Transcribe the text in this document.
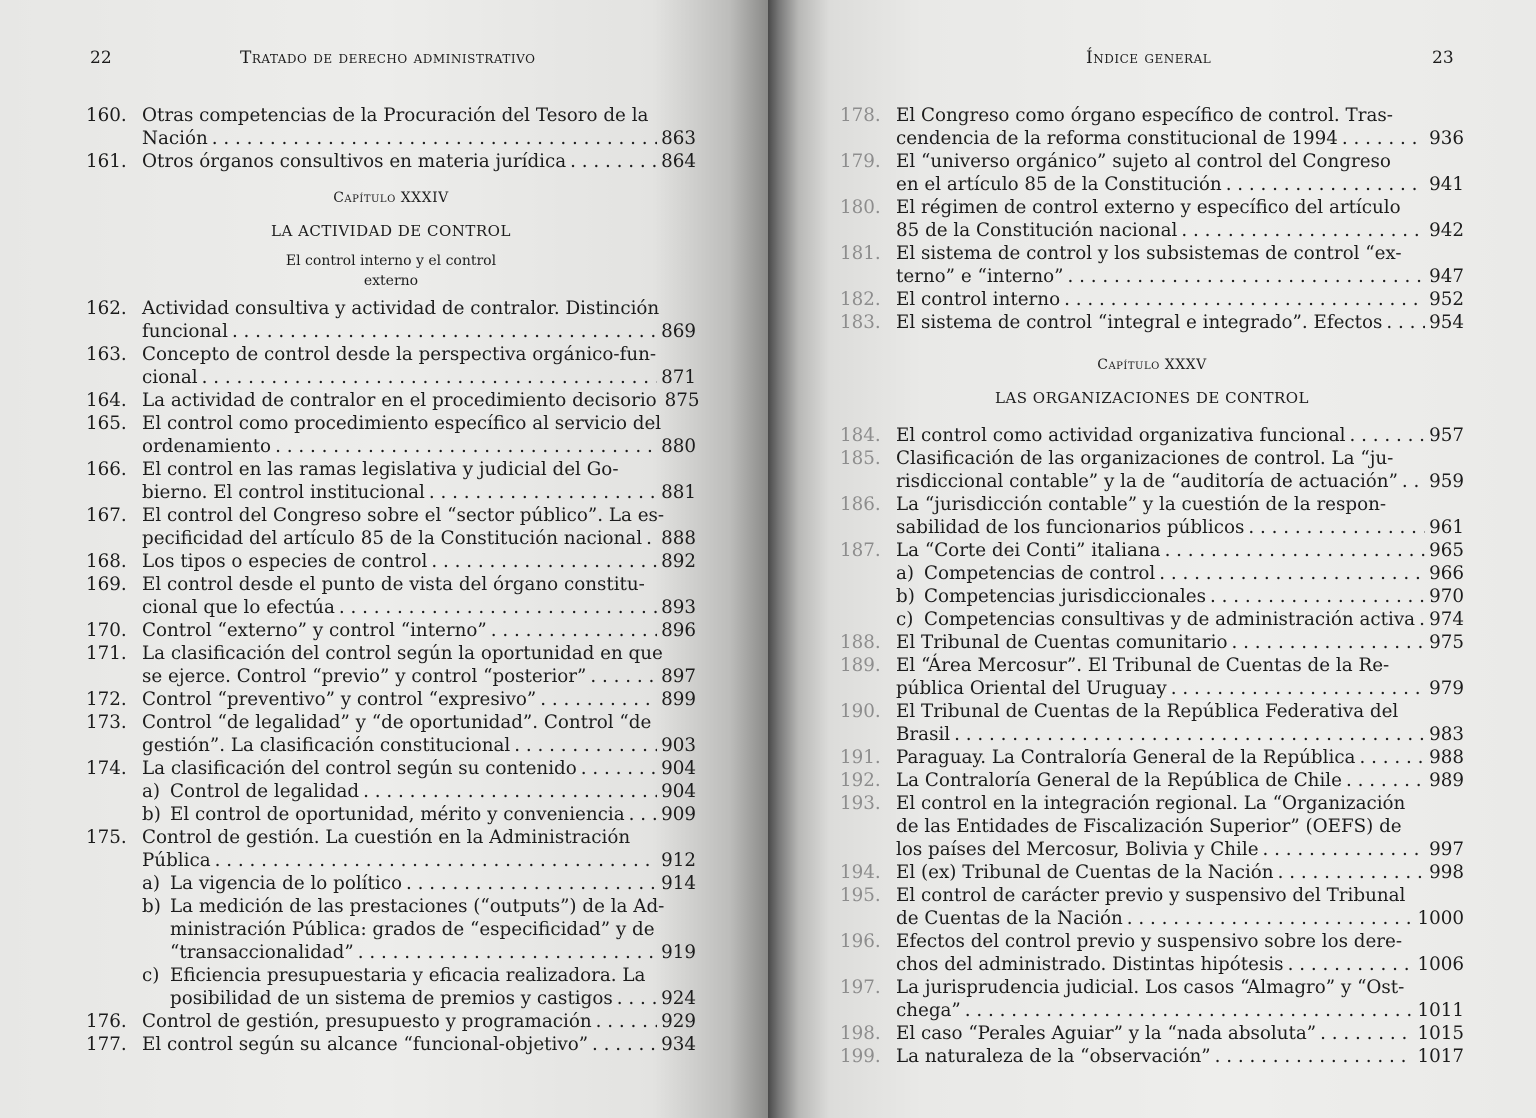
22	Tratado de derecho administrativo
160. Otras competencias de la Procuración del Tesoro de la
Nación . . .	863
161. Otros órganos consultivos en materia jurídica . . .	864
Capítulo XXXIV
LA ACTIVIDAD DE CONTROL
El control interno y el control
externo
162. Actividad consultiva y actividad de contralor. Distinción
funcional . . .	869
163. Concepto de control desde la perspectiva orgánico-fun-
cional . . .	871
164. La actividad de contralor en el procedimiento decisorio 875
165. El control como procedimiento específico al servicio del
ordenamiento . . .	880
166. El control en las ramas legislativa y judicial del Go-
bierno. El control institucional . . .	881
167. El control del Congreso sobre el “sector público”. La es-
pecificidad del artículo 85 de la Constitución nacional . . . 888
168. Los tipos o especies de control . . .	892
169. El control desde el punto de vista del órgano constitu-
cional que lo efectúa . . .	893
170. Control “externo” y control “interno” . . .	896
171. La clasificación del control según la oportunidad en que
se ejerce. Control “previo” y control “posterior” . . .	897
172. Control “preventivo” y control “expresivo” . . .	899
173. Control “de legalidad” y “de oportunidad”. Control “de
gestión”. La clasificación constitucional . . .	903
174. La clasificación del control según su contenido . . .	904
a) Control de legalidad . . .	904
b) El control de oportunidad, mérito y conveniencia . . . 909
175. Control de gestión. La cuestión en la Administración
Pública . . .	912
a) La vigencia de lo político . . .	914
b) La medición de las prestaciones (“outputs”) de la Ad-
ministración Pública: grados de “especificidad” y de
“transaccionalidad” . . .	919
c) Eficiencia presupuestaria y eficacia realizadora. La
posibilidad de un sistema de premios y castigos . . .	924
176. Control de gestión, presupuesto y programación . . .	929
177. El control según su alcance “funcional-objetivo” . . .	934
Índice general	23
178. El Congreso como órgano específico de control. Tras-
cendencia de la reforma constitucional de 1994 . . .	936
179. El “universo orgánico” sujeto al control del Congreso
en el artículo 85 de la Constitución . . .	941
180. El régimen de control externo y específico del artículo
85 de la Constitución nacional . . .	942
181. El sistema de control y los subsistemas de control “ex-
terno” e “interno” . . .	947
182. El control interno . . .	952
183. El sistema de control “integral e integrado”. Efectos . . .	954
Capítulo XXXV
LAS ORGANIZACIONES DE CONTROL
184. El control como actividad organizativa funcional . . .	957
185. Clasificación de las organizaciones de control. La “ju-
risdiccional contable” y la de “auditoría de actuación” . . . 959
186. La “jurisdicción contable” y la cuestión de la respon-
sabilidad de los funcionarios públicos . . .	961
187. La “Corte dei Conti” italiana . . .	965
a) Competencias de control . . .	966
b) Competencias jurisdiccionales . . .	970
c) Competencias consultivas y de administración activa . . . 974
188. El Tribunal de Cuentas comunitario . . .	975
189. El “Área Mercosur”. El Tribunal de Cuentas de la Re-
pública Oriental del Uruguay . . .	979
190. El Tribunal de Cuentas de la República Federativa del
Brasil . . .	983
191. Paraguay. La Contraloría General de la República . . .	988
192. La Contraloría General de la República de Chile . . .	989
193. El control en la integración regional. La “Organización
de las Entidades de Fiscalización Superior” (OEFS) de
los países del Mercosur, Bolivia y Chile . . .	997
194. El (ex) Tribunal de Cuentas de la Nación . . .	998
195. El control de carácter previo y suspensivo del Tribunal
de Cuentas de la Nación . . .	1000
196. Efectos del control previo y suspensivo sobre los dere-
chos del administrado. Distintas hipótesis . . .	1006
197. La jurisprudencia judicial. Los casos “Almagro” y “Ost-
chega” . . .	1011
198. El caso “Perales Aguiar” y la “nada absoluta” . . .	1015
199. La naturaleza de la “observación” . . .	1017
